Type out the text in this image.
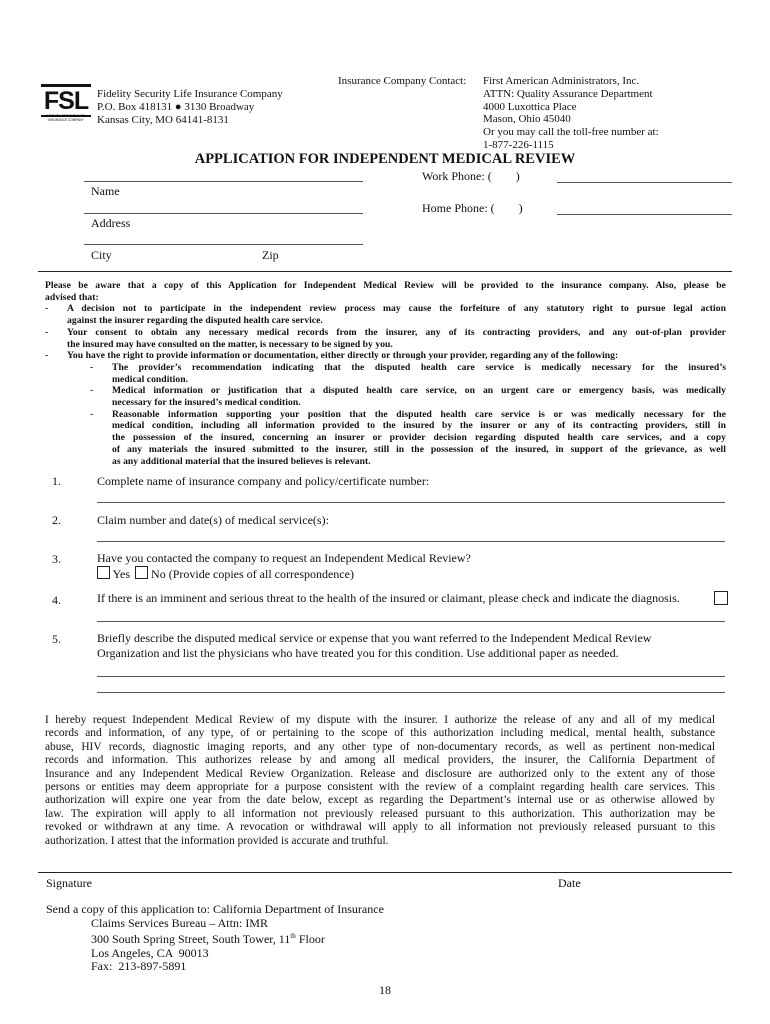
FSL
FIDELITY SECURITY LIFE INSURANCE COMPANY
Fidelity Security Life Insurance Company
P.O. Box 418131 ● 3130 Broadway
Kansas City, MO 64141-8131
Insurance Company Contact: First American Administrators, Inc.
ATTN: Quality Assurance Department
4000 Luxottica Place
Mason, Ohio 45040
Or you may call the toll-free number at:
1-877-226-1115
APPLICATION FOR INDEPENDENT MEDICAL REVIEW
Name
Address
City	Zip
Work Phone: (        )
Home Phone: (        )
Please be aware that a copy of this Application for Independent Medical Review will be provided to the insurance company. Also, please be
advised that:
- A decision not to participate in the independent review process may cause the forfeiture of any statutory right to pursue legal action
against the insurer regarding the disputed health care service.
- Your consent to obtain any necessary medical records from the insurer, any of its contracting providers, and any out-of-plan provider
the insured may have consulted on the matter, is necessary to be signed by you.
- You have the right to provide information or documentation, either directly or through your provider, regarding any of the following:
- The provider’s recommendation indicating that the disputed health care service is medically necessary for the insured’s
medical condition.
- Medical information or justification that a disputed health care service, on an urgent care or emergency basis, was medically
necessary for the insured’s medical condition.
- Reasonable information supporting your position that the disputed health care service is or was medically necessary for the
medical condition, including all information provided to the insured by the insurer or any of its contracting providers, still in
the possession of the insured, concerning an insurer or provider decision regarding disputed health care services, and a copy
of any materials the insured submitted to the insurer, still in the possession of the insured, in support of the grievance, as well
as any additional material that the insured believes is relevant.
1.	Complete name of insurance company and policy/certificate number:
2.	Claim number and date(s) of medical service(s):
3.	Have you contacted the company to request an Independent Medical Review?
Yes No (Provide copies of all correspondence)
4.	If there is an imminent and serious threat to the health of the insured or claimant, please check and indicate the diagnosis.
5.	Briefly describe the disputed medical service or expense that you want referred to the Independent Medical Review
Organization and list the physicians who have treated you for this condition. Use additional paper as needed.
I hereby request Independent Medical Review of my dispute with the insurer. I authorize the release of any and all of my medical
records and information, of any type, of or pertaining to the scope of this authorization including medical, mental health, substance
abuse, HIV records, diagnostic imaging reports, and any other type of non-documentary records, as well as pertinent non-medical
records and information. This authorizes release by and among all medical providers, the insurer, the California Department of
Insurance and any Independent Medical Review Organization. Release and disclosure are authorized only to the extent any of those
persons or entities may deem appropriate for a purpose consistent with the review of a complaint regarding health care services. This
authorization will expire one year from the date below, except as regarding the Department’s internal use or as otherwise allowed by
law. The expiration will apply to all information not previously released pursuant to this authorization. This authorization may be
revoked or withdrawn at any time. A revocation or withdrawal will apply to all information not previously released pursuant to this
authorization. I attest that the information provided is accurate and truthful.
Signature	Date
Send a copy of this application to: California Department of Insurance
Claims Services Bureau – Attn: IMR
300 South Spring Street, South Tower, 11th Floor
Los Angeles, CA  90013
Fax:  213-897-5891
18
